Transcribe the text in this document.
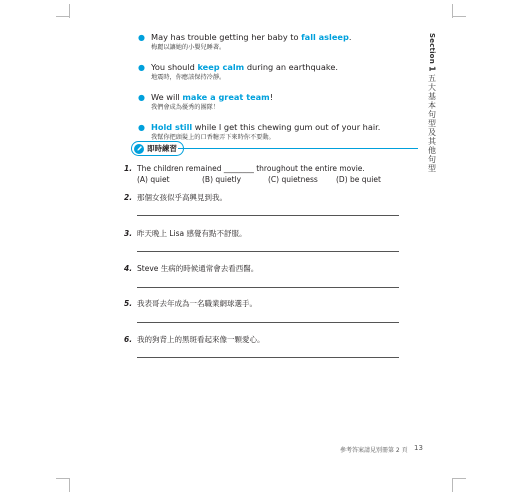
● May has trouble getting her baby to fall asleep.
梅麗以讓她的小嬰兒睡著。
● You should keep calm during an earthquake.
地震時，你應該保持冷靜。
● We will make a great team!
我們會成為優秀的團隊！
● Hold still while I get this chewing gum out of your hair.
我幫你把頭髮上的口香糖弄下來時你不要動。
Section
1
五大基本句型及其他句型
即時練習
1. The children remained ________ throughout the entire movie.
(A) quiet	(B) quietly	(C) quietness (D) be quiet
2. 那個女孩似乎高興見到我。
3. 昨天晚上 Lisa 感覺有點不舒服。
4. Steve 生病的時候通常會去看西醫。
5. 我表哥去年成為一名職業網球選手。
6. 我的狗背上的黑斑看起來像一顆愛心。
參考答案請見別冊第 2 頁 13
